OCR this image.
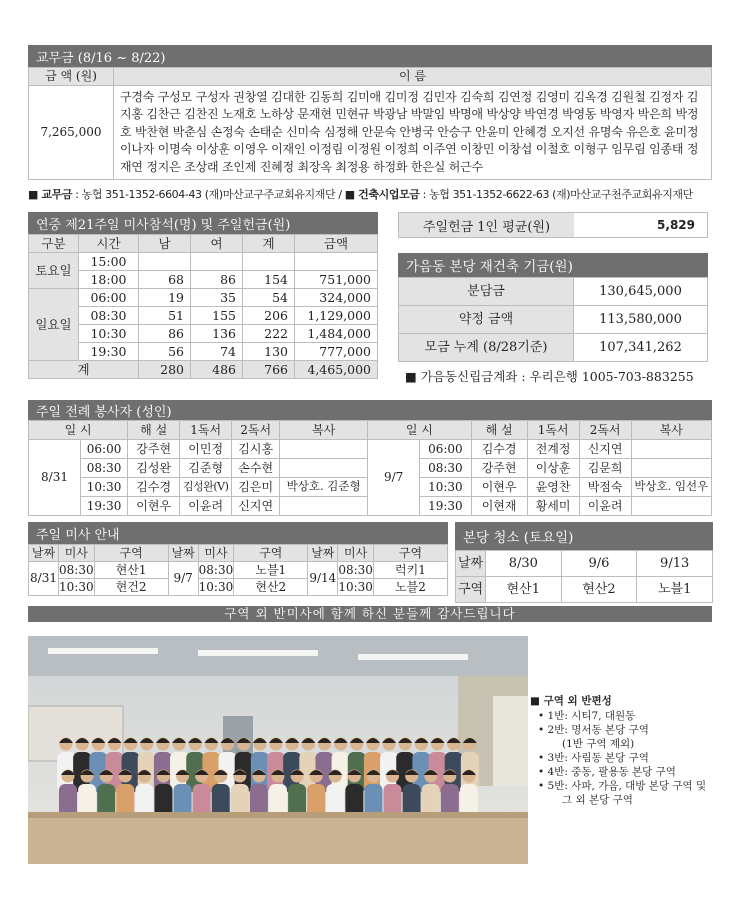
교무금 (8/16 ~ 8/22)
금 액 (원)	이 름
7,265,000	구경숙 구성모 구성자 권창열 김대한 김동희 김미애 김미정 김민자 김숙희 김연정 김영미 김옥경 김원철 김정자 김지홍 김찬근 김찬진 노재호 노하상 문재현 민현규 박광남 박말임 박명애 박상양 박연경 박영동 박영자 박은희 박정호 박찬현 박춘심 손정숙 손태순 신미숙 심정해 안문숙 안병국 안승구 안윤미 안혜경 오지선 유명숙 유은호 윤미정 이나자 이명숙 이상훈 이영우 이재인 이정림 이정원 이정희 이주연 이창민 이창섭 이철호 이형구 임무림 임종태 정재연 정지은 조상래 조인제 진혜정 최장옥 최정용 하정화 한은실 허근수
■ 교무금 : 농협 351-1352-6604-43 (재)마산교구주교회유지재단 / ■ 건축시업모금 : 농협 351-1352-6622-63 (재)마산교구천주교회유지재단
연중 제21주일 미사참석(명) 및 주일헌금(원)
구분	시간	남	여	계	금액
토요일	15:00				
	18:00	68	86	154	751,000
일요일	06:00	19	35	54	324,000
	08:30	51	155	206	1,129,000
	10:30	86	136	222	1,484,000
	19:30	56	74	130	777,000
계		280	486	766	4,465,000
주일헌금 1인 평균(원)	5,829
가음동 본당 재건축 기금(원)
분담금	130,645,000
약정 금액	113,580,000
모금 누계 (8/28기준)	107,341,262
■ 가음동신립금계좌 : 우리은행 1005-703-883255
주일 전례 봉사자 (성인)
일 시		해 설	1독서	2독서	복사	일 시		해 설	1독서	2독서	복사
8/31	06:00	강주현	이민정	김시홍		9/7	06:00	김수경	전계정	신지연	
	08:30	김성완	김준형	손수현			08:30	강주현	이상훈	김문희	
	10:30	김수경	김성완(V)	김은미	박상호. 김준형		10:30	이현우	윤영찬	박점숙	박상호. 임선우
	19:30	이현우	이윤려	신지연			19:30	이현재	황세미	이윤려	
주일 미사 안내
날짜	미사	구역	날짜	미사	구역	날짜	미사	구역
8/31	08:30	현산1	9/7	08:30	노블1	9/14	08:30	럭키1
	10:30	현건2		10:30	현산2		10:30	노블2
본당 청소 (토요일)
날짜	8/30	9/6	9/13
구역	현산1	현산2	노블1
구역 외 반미사에 함께 하신 분들께 감사드립니다
■ 구역 외 반편성
• 1반: 시티7, 대원동
• 2반: 명서동 본당 구역
(1반 구역 제외)
• 3반: 사림동 본당 구역
• 4반: 중동, 팔용동 본당 구역
• 5반: 사파, 가음, 대방 본당 구역 및
그 외 본당 구역
